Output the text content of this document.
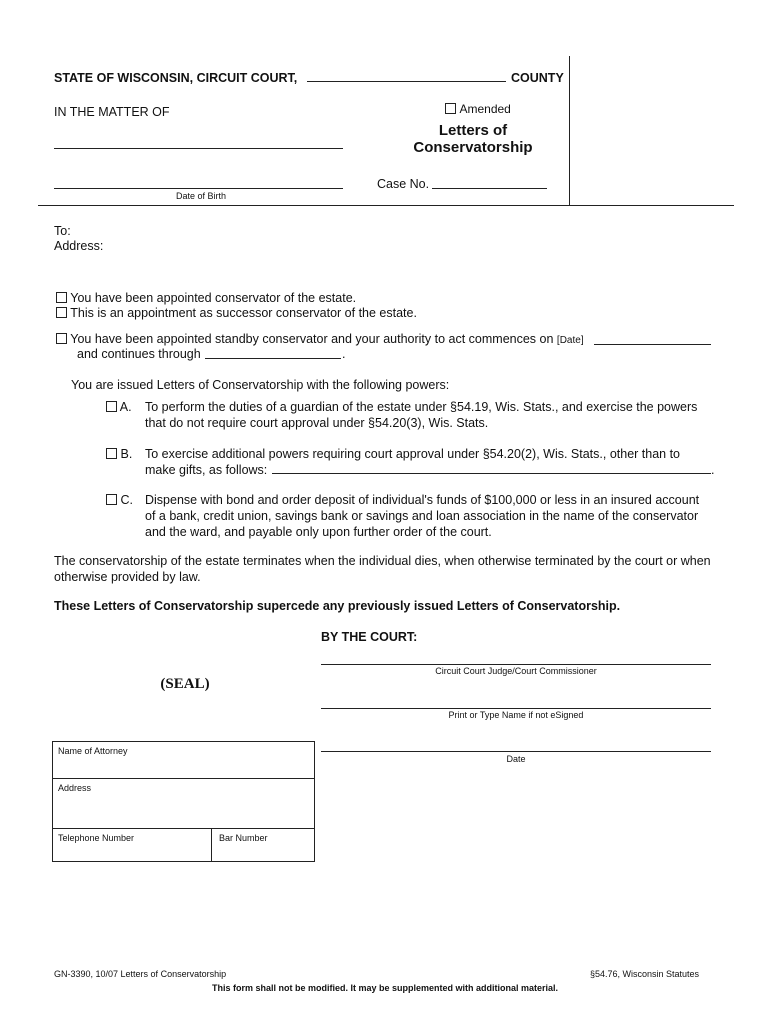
STATE OF WISCONSIN, CIRCUIT COURT,	COUNTY
IN THE MATTER OF
Date of Birth
Amended
Letters of
Conservatorship
Case No.
To:
Address:
You have been appointed conservator of the estate.
This is an appointment as successor conservator of the estate.
You have been appointed standby conservator and your authority to act commences on [Date]
and continues through	.
You are issued Letters of Conservatorship with the following powers:
A. To perform the duties of a guardian of the estate under §54.19, Wis. Stats., and exercise the powers
that do not require court approval under §54.20(3), Wis. Stats.
B. To exercise additional powers requiring court approval under §54.20(2), Wis. Stats., other than to
make gifts, as follows:	.
C. Dispense with bond and order deposit of individual's funds of $100,000 or less in an insured account
of a bank, credit union, savings bank or savings and loan association in the name of the conservator
and the ward, and payable only upon further order of the court.
The conservatorship of the estate terminates when the individual dies, when otherwise terminated by the court or when
otherwise provided by law.
These Letters of Conservatorship supercede any previously issued Letters of Conservatorship.
BY THE COURT:
Circuit Court Judge/Court Commissioner
(SEAL)
Print or Type Name if not eSigned
Date
Name of Attorney
Address
Telephone Number	Bar Number
GN-3390, 10/07 Letters of Conservatorship	§54.76, Wisconsin Statutes
This form shall not be modified. It may be supplemented with additional material.
